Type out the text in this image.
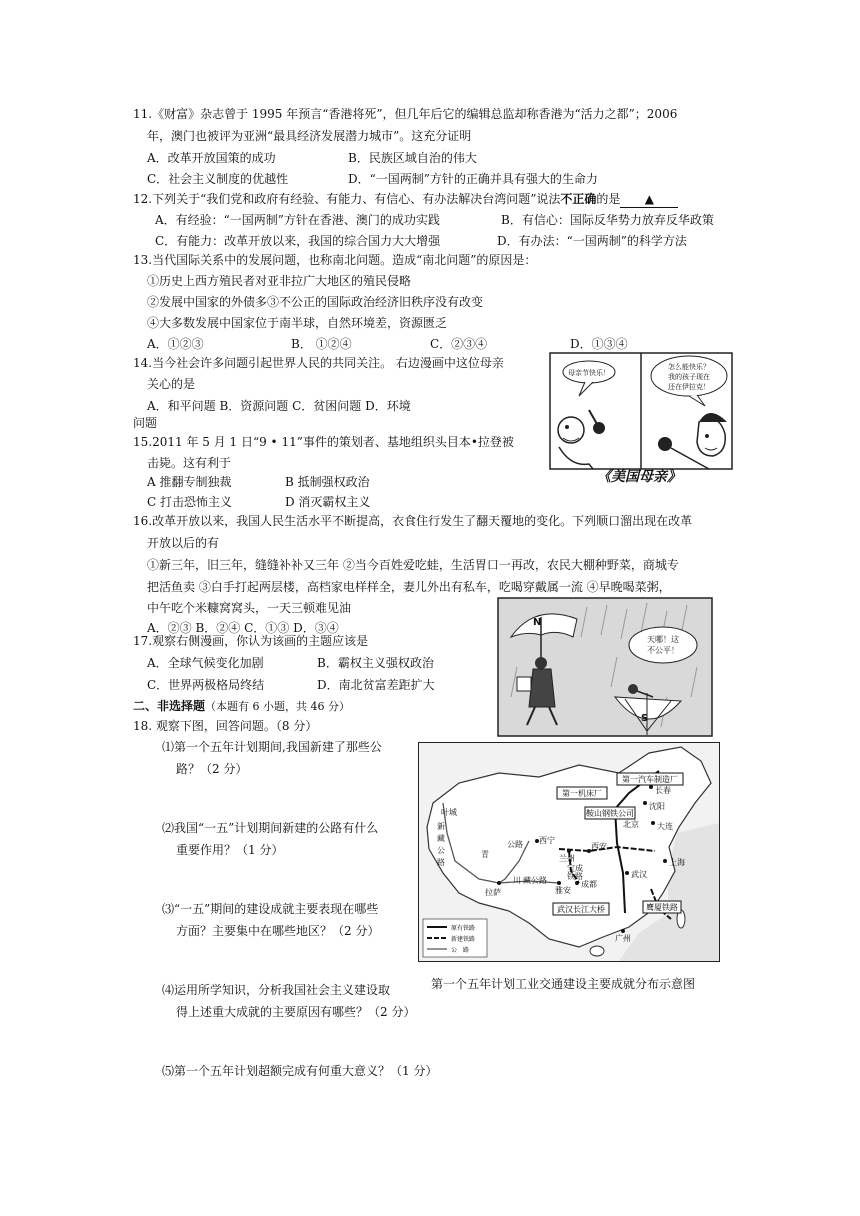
11.《财富》杂志曾于 1995 年预言“香港将死”，但几年后它的编辑总监却称香港为“活力之都”；2006
年，澳门也被评为亚洲“最具经济发展潜力城市”。这充分证明
A．改革开放国策的成功	B．民族区域自治的伟大
C．社会主义制度的优越性	D．“一国两制”方针的正确并具有强大的生命力
12.下列关于“我们党和政府有经验、有能力、有信心、有办法解决台湾问题”说法不正确的是 ▲
A．有经验：“一国两制”方针在香港、澳门的成功实践	B．有信心：国际反华势力放弃反华政策
C．有能力：改革开放以来，我国的综合国力大大增强	D．有办法：“一国两制”的科学方法
13.当代国际关系中的发展问题，也称南北问题。造成“南北问题”的原因是：
①历史上西方殖民者对亚非拉广大地区的殖民侵略
②发展中国家的外债多③不公正的国际政治经济旧秩序没有改变
④大多数发展中国家位于南半球，自然环境差，资源匮乏
A．①②③	B． ①②④	C．②③④	D．①③④
14.当今社会许多问题引起世界人民的共同关注。 右边漫画中这位母亲
关心的是
A．和平问题 B．资源问题 C．贫困问题 D．环境
问题
母亲节快乐！
怎么能快乐？
我的孩子现在
还在伊拉克！
《美国母亲》
15.2011 年 5 月 1 日“9 • 11”事件的策划者、基地组织头目本•拉登被
击毙。这有利于
A 推翻专制独裁	B 抵制强权政治
C 打击恐怖主义	D 消灭霸权主义
16.改革开放以来，我国人民生活水平不断提高，衣食住行发生了翻天覆地的变化。下列顺口溜出现在改革
开放以后的有
①新三年，旧三年，缝缝补补又三年 ②当今百姓爱吃蛙，生活胃口一再改，农民大棚种野菜，商城专
把活鱼卖 ③白手打起两层楼，高档家电样样全，妻儿外出有私车，吃喝穿戴属一流 ④早晚喝菜粥，
中午吃个米糠窝窝头，一天三顿难见油
A．②③ B．②④ C．①③ D．③④	N
天哪！这
不公平！
S
17.观察右侧漫画，你认为该画的主题应该是
A．全球气候变化加剧	B．霸权主义强权政治
C．世界两极格局终结	D．南北贫富差距扩大
二、非选择题（本题有 6 小题，共 46 分）
18. 观察下图，回答问题。（8 分）
⑴第一个五年计划期间,我国新建了那些公
路？（2 分）
⑵我国“一五”计划期间新建的公路有什么
重要作用？（1 分）
⑶“一五”期间的建设成就主要表现在哪些
方面？主要集中在哪些地区？（2 分）
⑷运用所学知识，分析我国社会主义建设取
得上述重大成就的主要原因有哪些？（2 分）
⑸第一个五年计划超额完成有何重大意义？（1 分）
第一汽车制造厂
第一机床厂
鞍山钢铁公司
武汉长江大桥	鹰厦铁路
叶城
新
藏
公
路
西宁
拉萨
兰州
西安
成都
雅安
北京
长春
沈阳
大连
武汉
上海
广州
青
公路
川 藏公路
宝成
铁路
原有铁路
新建铁路
公　路
第一个五年计划工业交通建设主要成就分布示意图
